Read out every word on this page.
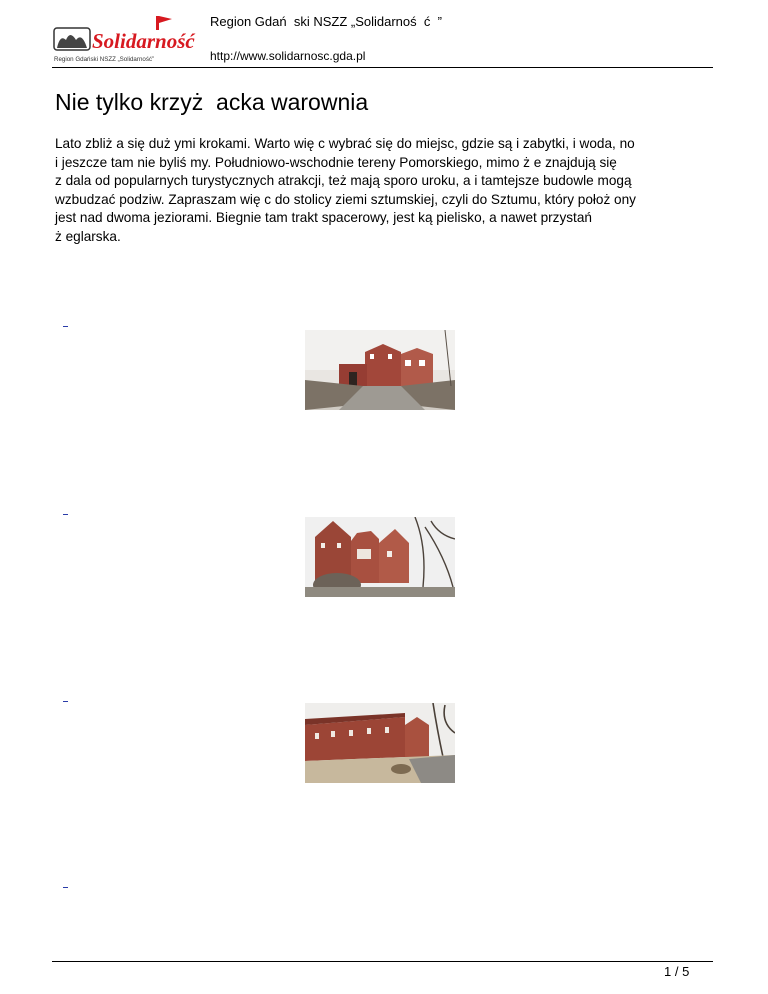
Solidarność
Region Gdański NSZZ „Solidarność”
Region Gdań  ski NSZZ „Solidarnoś  ć  ”
http://www.solidarnosc.gda.pl
Nie tylko krzyż  acka warownia

Lato zbliż a się duż ymi krokami. Warto wię c wybrać się do miejsc, gdzie są i zabytki, i woda, no
i jeszcze tam nie byliś my. Południowo-wschodnie tereny Pomorskiego, mimo ż e znajdują się
z dala od popularnych turystycznych atrakcji, też mają sporo uroku, a i tamtejsze budowle mogą
wzbudzać podziw. Zapraszam wię c do stolicy ziemi sztumskiej, czyli do Sztumu, który położ ony
jest nad dwoma jeziorami. Biegnie tam trakt spacerowy, jest ką pielisko, a nawet przystań
ż eglarska.

1 / 5
